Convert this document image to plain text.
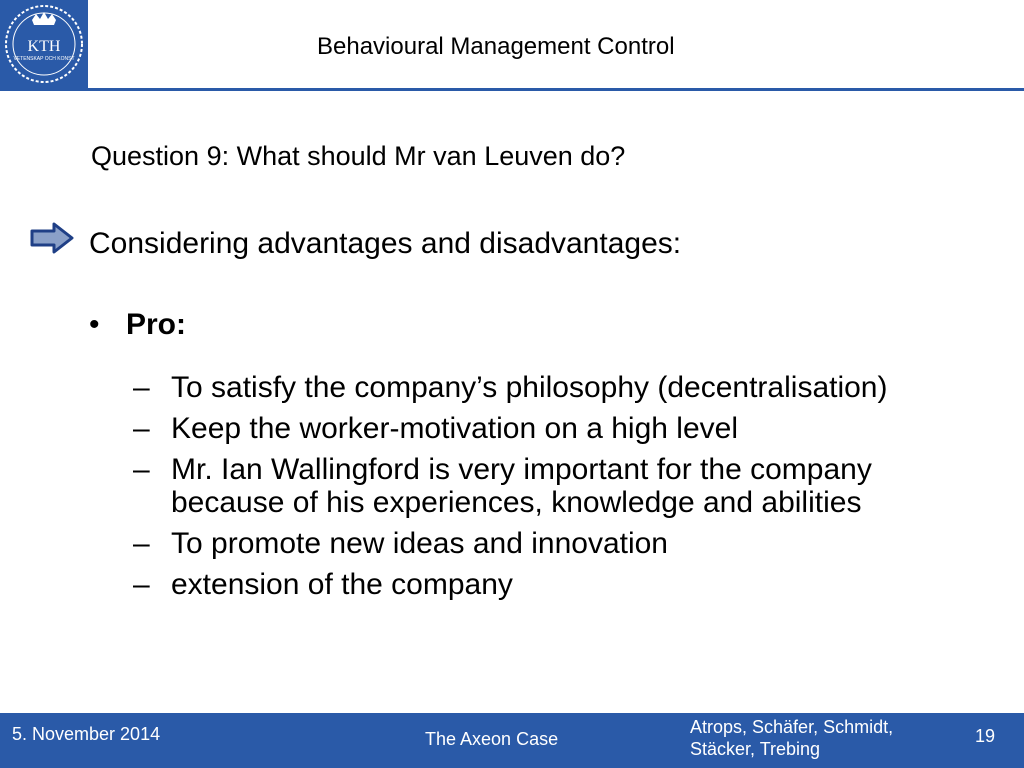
KTH
VETENSKAP OCH KONST	Behavioural Management Control
Question 9: What should Mr van Leuven do?
Considering advantages and disadvantages:
• Pro:
– To satisfy the company’s philosophy (decentralisation)
– Keep the worker-motivation on a high level
– Mr. Ian Wallingford is very important for the company because of his experiences, knowledge and abilities
– To promote new ideas and innovation
– extension of the company
5. November 2014	The Axeon Case
Atrops, Schäfer, Schmidt, Stäcker, Trebing
19
